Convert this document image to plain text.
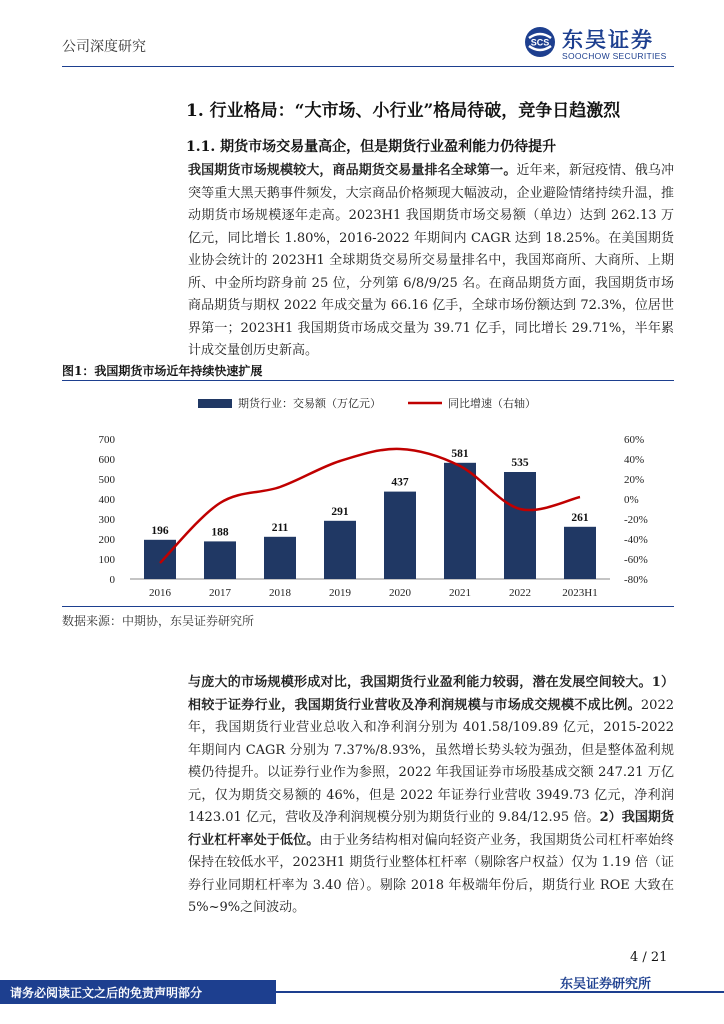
公司深度研究	SCS 东吴证券
SOOCHOW SECURITIES
1. 行业格局：“大市场、小行业”格局待破，竞争日趋激烈
1.1. 期货市场交易量高企，但是期货行业盈利能力仍待提升
我国期货市场规模较大，商品期货交易量排名全球第一。近年来，新冠疫情、俄乌冲突等重大黑天鹅事件频发，大宗商品价格频现大幅波动，企业避险情绪持续升温，推动期货市场规模逐年走高。2023H1 我国期货市场交易额（单边）达到 262.13 万亿元，同比增长 1.80%，2016-2022 年期间内 CAGR 达到 18.25%。在美国期货业协会统计的 2023H1 全球期货交易所交易量排名中，我国郑商所、大商所、上期所、中金所均跻身前 25 位，分列第 6/8/9/25 名。在商品期货方面，我国期货市场商品期货与期权 2022 年成交量为 66.16 亿手，全球市场份额达到 72.3%，位居世界第一；2023H1 我国期货市场成交量为 39.71 亿手，同比增长 29.71%，半年累计成交量创历史新高。
图1：我国期货市场近年持续快速扩展
期货行业：交易额（万亿元）	同比增速（右轴）
0
100
200
300
400
500
600
700
-80%
-60%
-40%
-20%
0%
20%
40%
60%
196	188	211
291
437
581
535
261
2016	2017	2018	2019	2020	2021	2022	2023H1
数据来源：中期协，东吴证券研究所
与庞大的市场规模形成对比，我国期货行业盈利能力较弱，潜在发展空间较大。1）相较于证券行业，我国期货行业营收及净利润规模与市场成交规模不成比例。2022 年，我国期货行业营业总收入和净利润分别为 401.58/109.89 亿元，2015-2022 年期间内 CAGR 分别为 7.37%/8.93%，虽然增长势头较为强劲，但是整体盈利规模仍待提升。以证券行业作为参照，2022 年我国证券市场股基成交额 247.21 万亿元，仅为期货交易额的 46%，但是 2022 年证券行业营收 3949.73 亿元，净利润 1423.01 亿元，营收及净利润规模分别为期货行业的 9.84/12.95 倍。2）我国期货行业杠杆率处于低位。由于业务结构相对偏向轻资产业务，我国期货公司杠杆率始终保持在较低水平，2023H1 期货行业整体杠杆率（剔除客户权益）仅为 1.19 倍（证券行业同期杠杆率为 3.40 倍）。剔除 2018 年极端年份后，期货行业 ROE 大致在 5%~9%之间波动。
4 / 21
请务必阅读正文之后的免责声明部分
东吴证券研究所
